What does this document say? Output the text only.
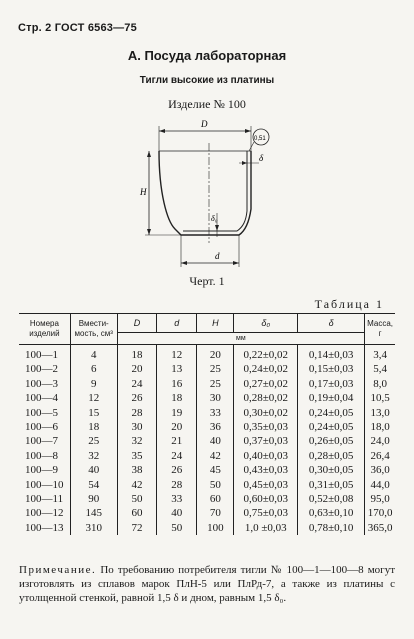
Стр. 2 ГОСТ 6563—75
А. Посуда лабораторная
Тигли высокие из платины
Изделие № 100
D
0,51
δ
H
δ₀
d
Черт. 1
Таблица 1
Номера изделий	Вмести-мость, см³	D	d	H	δ₀	δ	Масса, г
		мм					
100—1	4	18	12	20	0,22±0,02	0,14±0,03	3,4
100—2	6	20	13	25	0,24±0,02	0,15±0,03	5,4
100—3	9	24	16	25	0,27±0,02	0,17±0,03	8,0
100—4	12	26	18	30	0,28±0,02	0,19±0,04	10,5
100—5	15	28	19	33	0,30±0,02	0,24±0,05	13,0
100—6	18	30	20	36	0,35±0,03	0,24±0,05	18,0
100—7	25	32	21	40	0,37±0,03	0,26±0,05	24,0
100—8	32	35	24	42	0,40±0,03	0,28±0,05	26,4
100—9	40	38	26	45	0,43±0,03	0,30±0,05	36,0
100—10	54	42	28	50	0,45±0,03	0,31±0,05	44,0
100—11	90	50	33	60	0,60±0,03	0,52±0,08	95,0
100—12	145	60	40	70	0,75±0,03	0,63±0,10	170,0
100—13	310	72	50	100	1,0 ±0,03	0,78±0,10	365,0
Примечание. По требованию потребителя тигли № 100—1—100—8 могут изготовлять из сплавов марок ПлН-5 или ПлРд-7, а также из платины с утолщенной стенкой, равной 1,5 δ и дном, равным 1,5 δ₀.
